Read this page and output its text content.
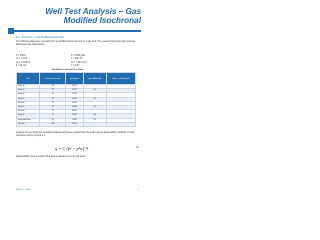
Well Test Analysis – Gas
Modified Isochronal
1.1 Example – Gas Modified Isochronal
The following data were recorded from a modified isochronal test on a gas well. The reservoir fluid properties and test parameters are listed below.
h = 100 ft	p̄ = 1500 psia
rw = 0.33 ft	T = 600 °R
μg = 0.015 cp	cti = 1.0E-4 psi⁻¹
k = 20 md	z = 0.87
Modified Isochronal Test Data
Test	Duration (hours)	pwf (psia)	qsc (MMscf/d)	p²ws − p²wf (psia²)
Shut-in	20	1952		
Flow 1	12	1761	2.6	
Shut-in	12	1952		
Flow 2	12	1700	3.3	
Shut-in	12	1870		
Flow 3	12	1630	5.0	
Shut-in	12	1800		
Flow 4	12	1540	6.3	
Extended flow	81	1300	4.5	
Shut-in	100	1952		
Analyse the test using the simplified analysis technique to determine the well's current deliverability coefficient C and turbulence factor exponent n.
q = C (p̄² − p²wf )ⁿ	(1)
Deliverability curve is a plot of the above equation on a log-log scale.
March 1, 2018	1
